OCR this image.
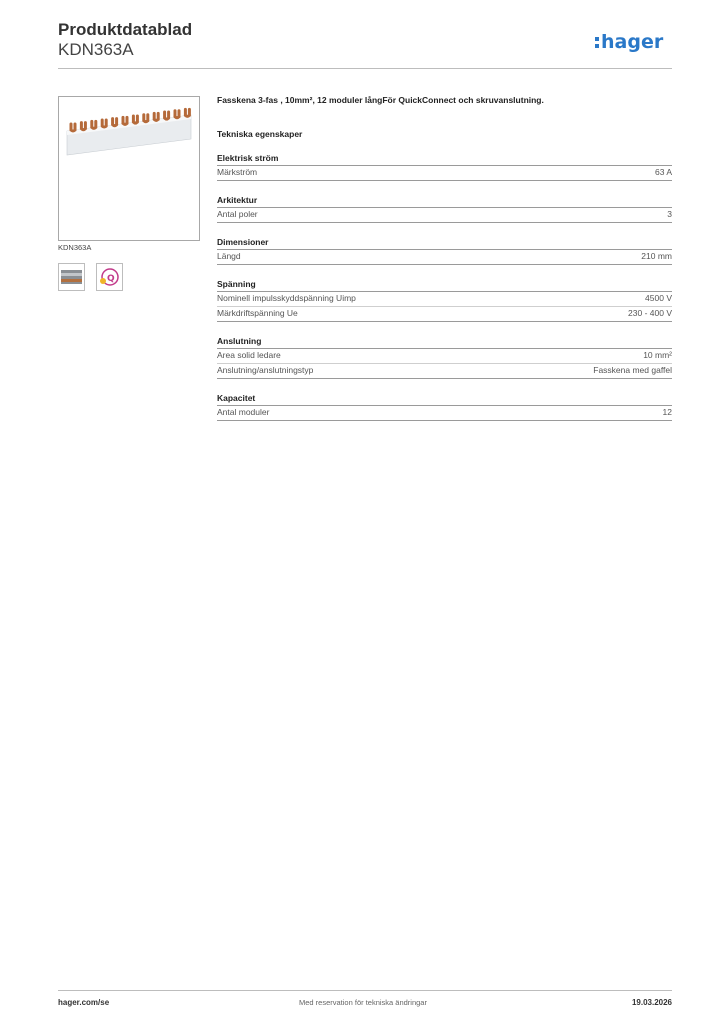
Produktdatablad
KDN363A	hager
KDN363A
Q
Fasskena 3-fas , 10mm², 12 moduler långFör QuickConnect och skruvanslutning.
Tekniska egenskaper
Elektrisk ström
Märkström	63 A
Arkitektur
Antal poler	3
Dimensioner
Längd	210 mm
Spänning
Nominell impulsskyddspänning Uimp	4500 V
Märkdriftspänning Ue	230 - 400 V
Anslutning
Area solid ledare	10 mm²
Anslutning/anslutningstyp	Fasskena med gaffel
Kapacitet
Antal moduler	12
hager.com/se	Med reservation för tekniska ändringar	19.03.2026
